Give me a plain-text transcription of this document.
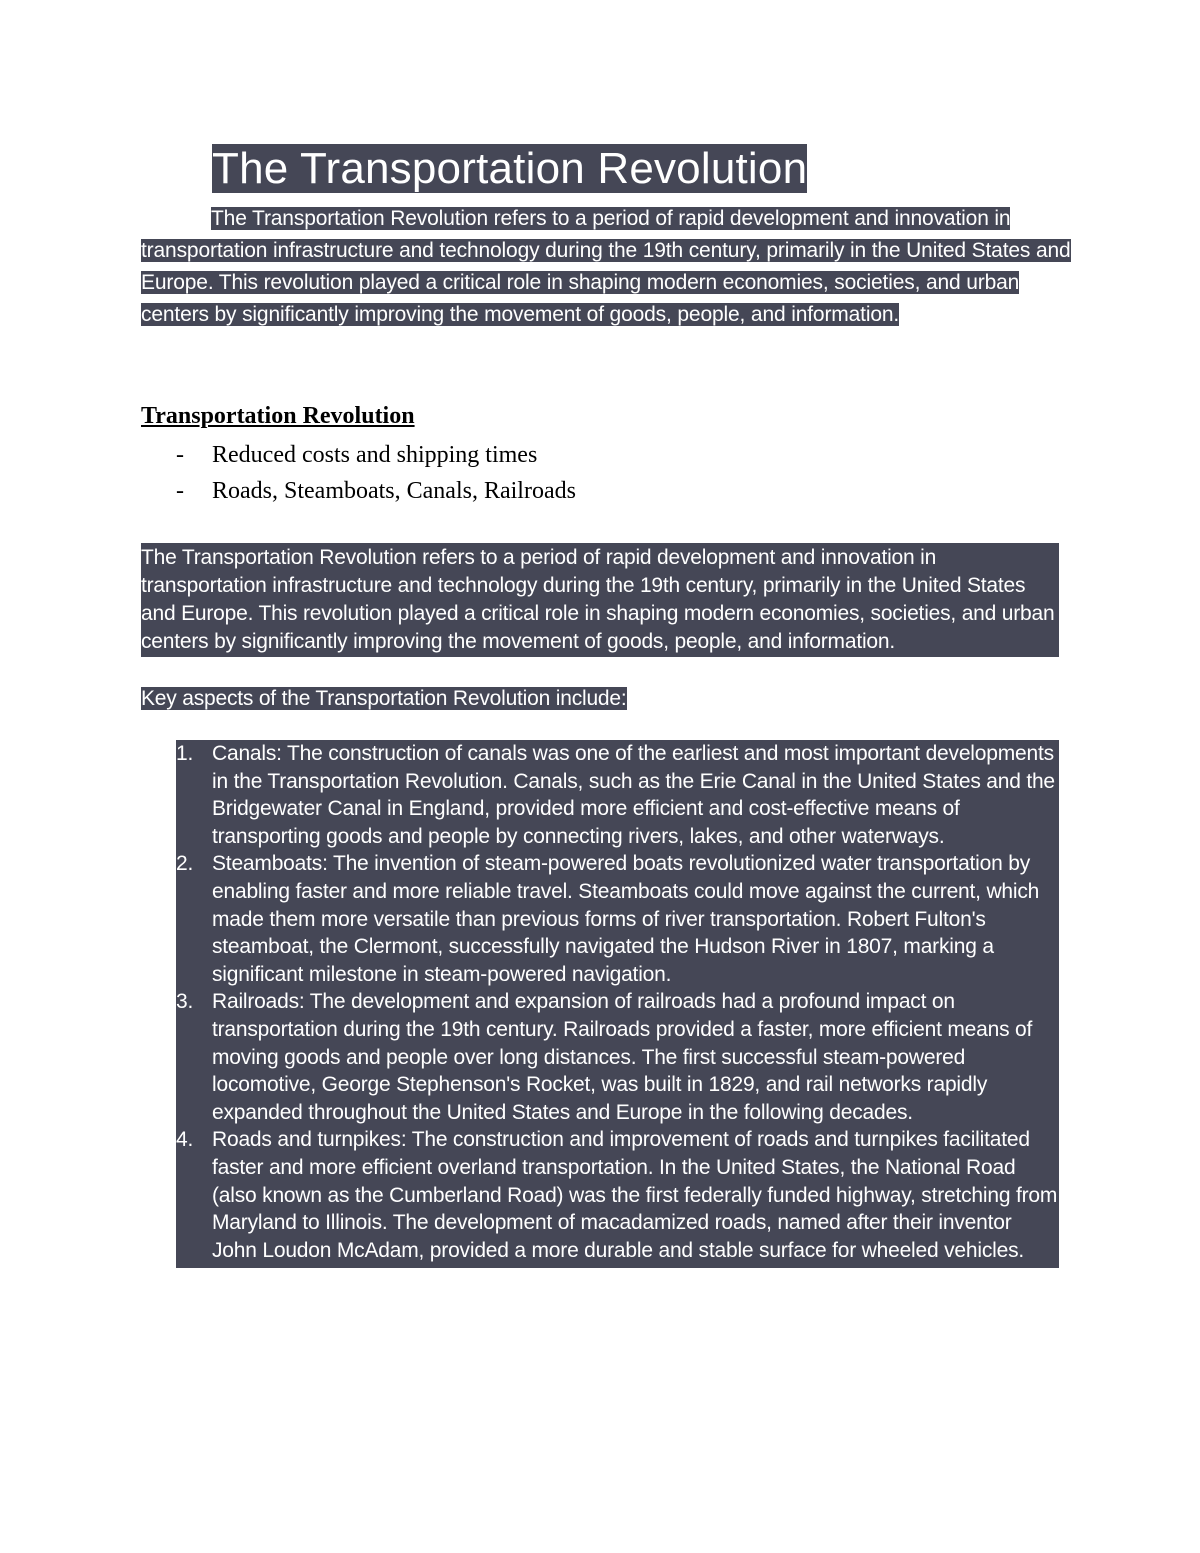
The Transportation Revolution

The Transportation Revolution refers to a period of rapid development and innovation in transportation infrastructure and technology during the 19th century, primarily in the United States and Europe. This revolution played a critical role in shaping modern economies, societies, and urban centers by significantly improving the movement of goods, people, and information.

Transportation Revolution
- Reduced costs and shipping times
- Roads, Steamboats, Canals, Railroads

The Transportation Revolution refers to a period of rapid development and innovation in transportation infrastructure and technology during the 19th century, primarily in the United States and Europe. This revolution played a critical role in shaping modern economies, societies, and urban centers by significantly improving the movement of goods, people, and information.

Key aspects of the Transportation Revolution include:

1. Canals: The construction of canals was one of the earliest and most important developments in the Transportation Revolution. Canals, such as the Erie Canal in the United States and the Bridgewater Canal in England, provided more efficient and cost-effective means of transporting goods and people by connecting rivers, lakes, and other waterways.
2. Steamboats: The invention of steam-powered boats revolutionized water transportation by enabling faster and more reliable travel. Steamboats could move against the current, which made them more versatile than previous forms of river transportation. Robert Fulton's steamboat, the Clermont, successfully navigated the Hudson River in 1807, marking a significant milestone in steam-powered navigation.
3. Railroads: The development and expansion of railroads had a profound impact on transportation during the 19th century. Railroads provided a faster, more efficient means of moving goods and people over long distances. The first successful steam-powered locomotive, George Stephenson's Rocket, was built in 1829, and rail networks rapidly expanded throughout the United States and Europe in the following decades.
4. Roads and turnpikes: The construction and improvement of roads and turnpikes facilitated faster and more efficient overland transportation. In the United States, the National Road (also known as the Cumberland Road) was the first federally funded highway, stretching from Maryland to Illinois. The development of macadamized roads, named after their inventor John Loudon McAdam, provided a more durable and stable surface for wheeled vehicles.
